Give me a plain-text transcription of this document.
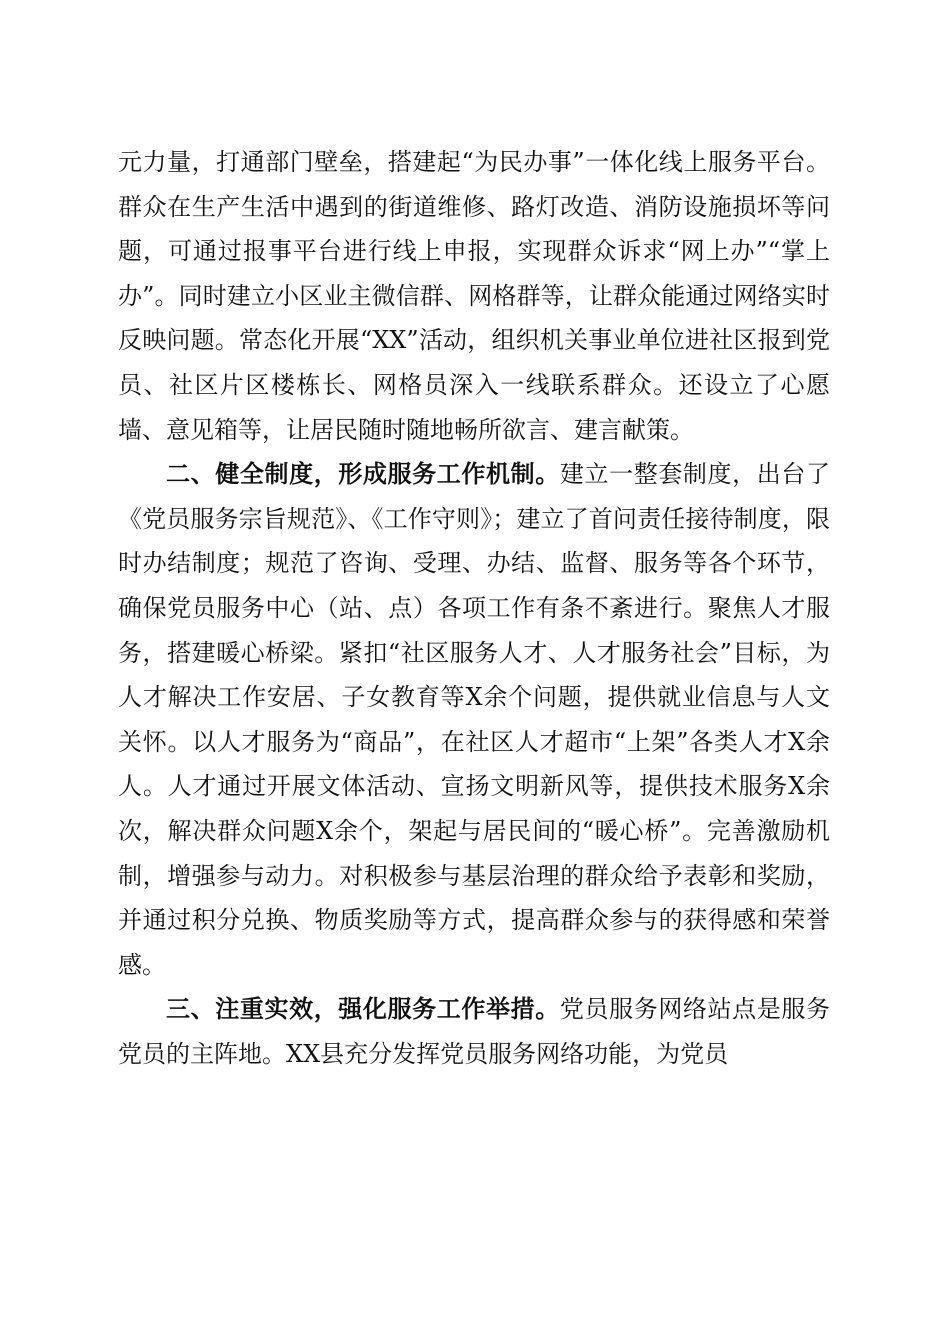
元力量，打通部门壁垒，搭建起“为民办事”一体化线上服务平台。群众在生产生活中遇到的街道维修、路灯改造、消防设施损坏等问题，可通过报事平台进行线上申报，实现群众诉求“网上办”“掌上办”。同时建立小区业主微信群、网格群等，让群众能通过网络实时反映问题。常态化开展“XX”活动，组织机关事业单位进社区报到党员、社区片区楼栋长、网格员深入一线联系群众。还设立了心愿墙、意见箱等，让居民随时随地畅所欲言、建言献策。

二、健全制度，形成服务工作机制。建立一整套制度，出台了《党员服务宗旨规范》、《工作守则》；建立了首问责任接待制度，限时办结制度；规范了咨询、受理、办结、监督、服务等各个环节，确保党员服务中心（站、点）各项工作有条不紊进行。聚焦人才服务，搭建暖心桥梁。紧扣“社区服务人才、人才服务社会”目标，为人才解决工作安居、子女教育等X余个问题，提供就业信息与人文关怀。以人才服务为“商品”，在社区人才超市“上架”各类人才X余人。人才通过开展文体活动、宣扬文明新风等，提供技术服务X余次，解决群众问题X余个，架起与居民间的“暖心桥”。完善激励机制，增强参与动力。对积极参与基层治理的群众给予表彰和奖励，并通过积分兑换、物质奖励等方式，提高群众参与的获得感和荣誉感。

三、注重实效，强化服务工作举措。党员服务网络站点是服务党员的主阵地。XX县充分发挥党员服务网络功能，为党员
